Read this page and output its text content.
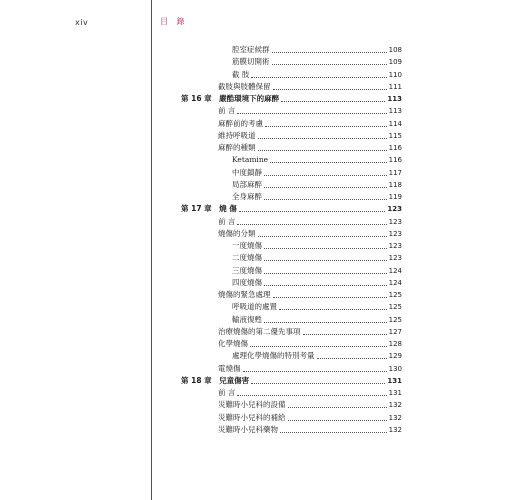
xiv	目 錄
腔室症候群	108
筋膜切開術	109
截 肢	110
截肢與肢體保留	111
第 16 章　嚴酷環境下的麻醉	113
前 言	113
麻醉前的考慮	114
維持呼吸道	115
麻醉的種類	116
Ketamine	116
中度鎮靜	117
局部麻醉	118
全身麻醉	119
第 17 章　燒 傷	123
前 言	123
燒傷的分類	123
一度燒傷	123
二度燒傷	123
三度燒傷	124
四度燒傷	124
燒傷的緊急處理	125
呼吸道的處置	125
輸液復甦	125
治療燒傷的第二優先事項	127
化學燒傷	128
處理化學燒傷的特別考量	129
電燒傷	130
第 18 章　兒童傷害	131
前 言	131
災難時小兒科的設備	132
災難時小兒科的補給	132
災難時小兒科藥物	132
